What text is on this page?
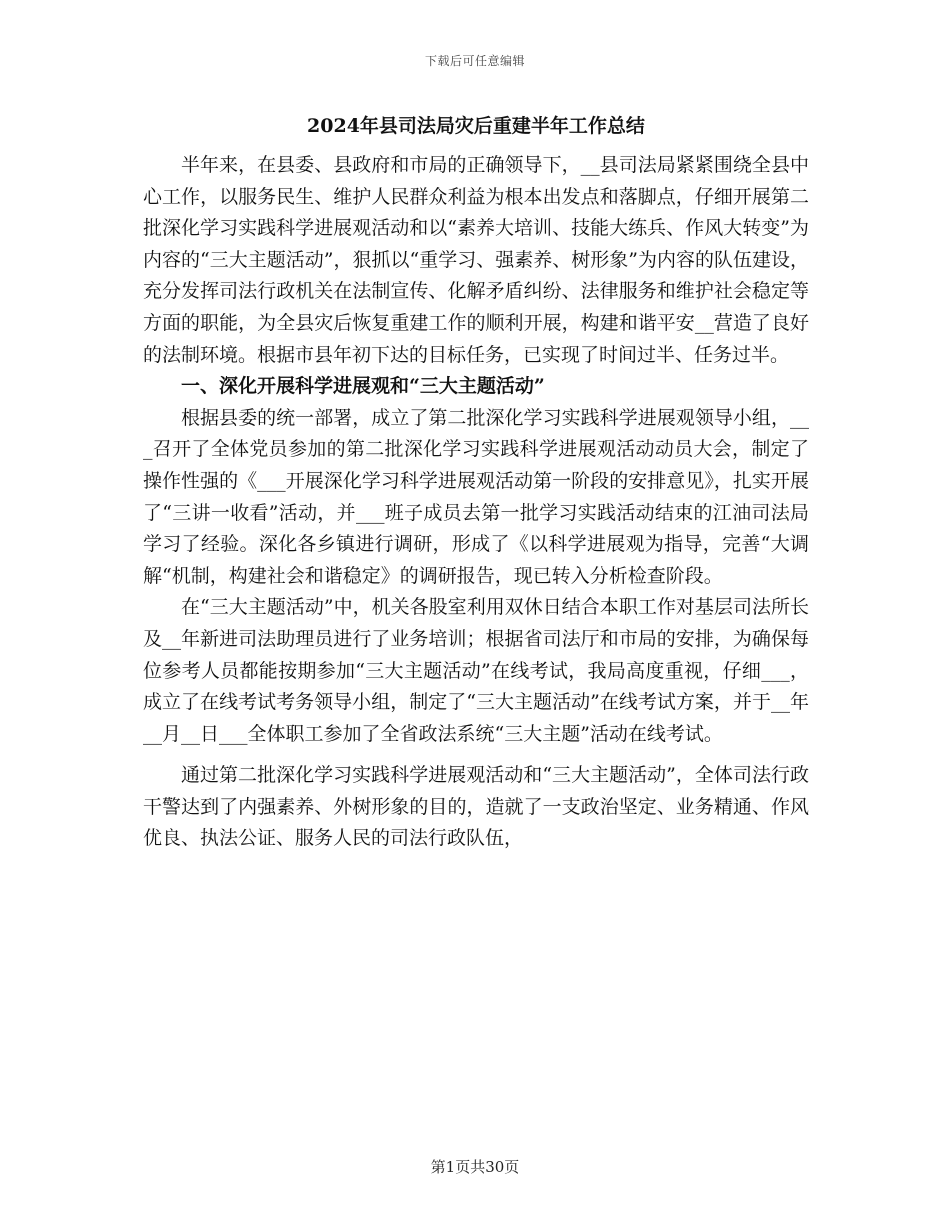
下载后可任意编辑
2024年县司法局灾后重建半年工作总结

半年来，在县委、县政府和市局的正确领导下，__县司法局紧紧围绕全县中心工作，以服务民生、维护人民群众利益为根本出发点和落脚点，仔细开展第二批深化学习实践科学进展观活动和以“素养大培训、技能大练兵、作风大转变”为内容的“三大主题活动”，狠抓以“重学习、强素养、树形象”为内容的队伍建设，充分发挥司法行政机关在法制宣传、化解矛盾纠纷、法律服务和维护社会稳定等方面的职能，为全县灾后恢复重建工作的顺利开展，构建和谐平安__营造了良好的法制环境。根据市县年初下达的目标任务，已实现了时间过半、任务过半。

一、深化开展科学进展观和“三大主题活动”

根据县委的统一部署，成立了第二批深化学习实践科学进展观领导小组，___召开了全体党员参加的第二批深化学习实践科学进展观活动动员大会，制定了操作性强的《___开展深化学习科学进展观活动第一阶段的安排意见》，扎实开展了“三讲一收看”活动，并___班子成员去第一批学习实践活动结束的江油司法局学习了经验。深化各乡镇进行调研，形成了《以科学进展观为指导，完善“大调解“机制，构建社会和谐稳定》的调研报告，现已转入分析检查阶段。

在“三大主题活动”中，机关各股室利用双休日结合本职工作对基层司法所长及__年新进司法助理员进行了业务培训；根据省司法厅和市局的安排，为确保每位参考人员都能按期参加“三大主题活动”在线考试，我局高度重视，仔细___，成立了在线考试考务领导小组，制定了“三大主题活动”在线考试方案，并于__年__月__日___全体职工参加了全省政法系统“三大主题”活动在线考试。

通过第二批深化学习实践科学进展观活动和“三大主题活动”，全体司法行政干警达到了内强素养、外树形象的目的，造就了一支政治坚定、业务精通、作风优良、执法公证、服务人民的司法行政队伍，

第1页共30页
